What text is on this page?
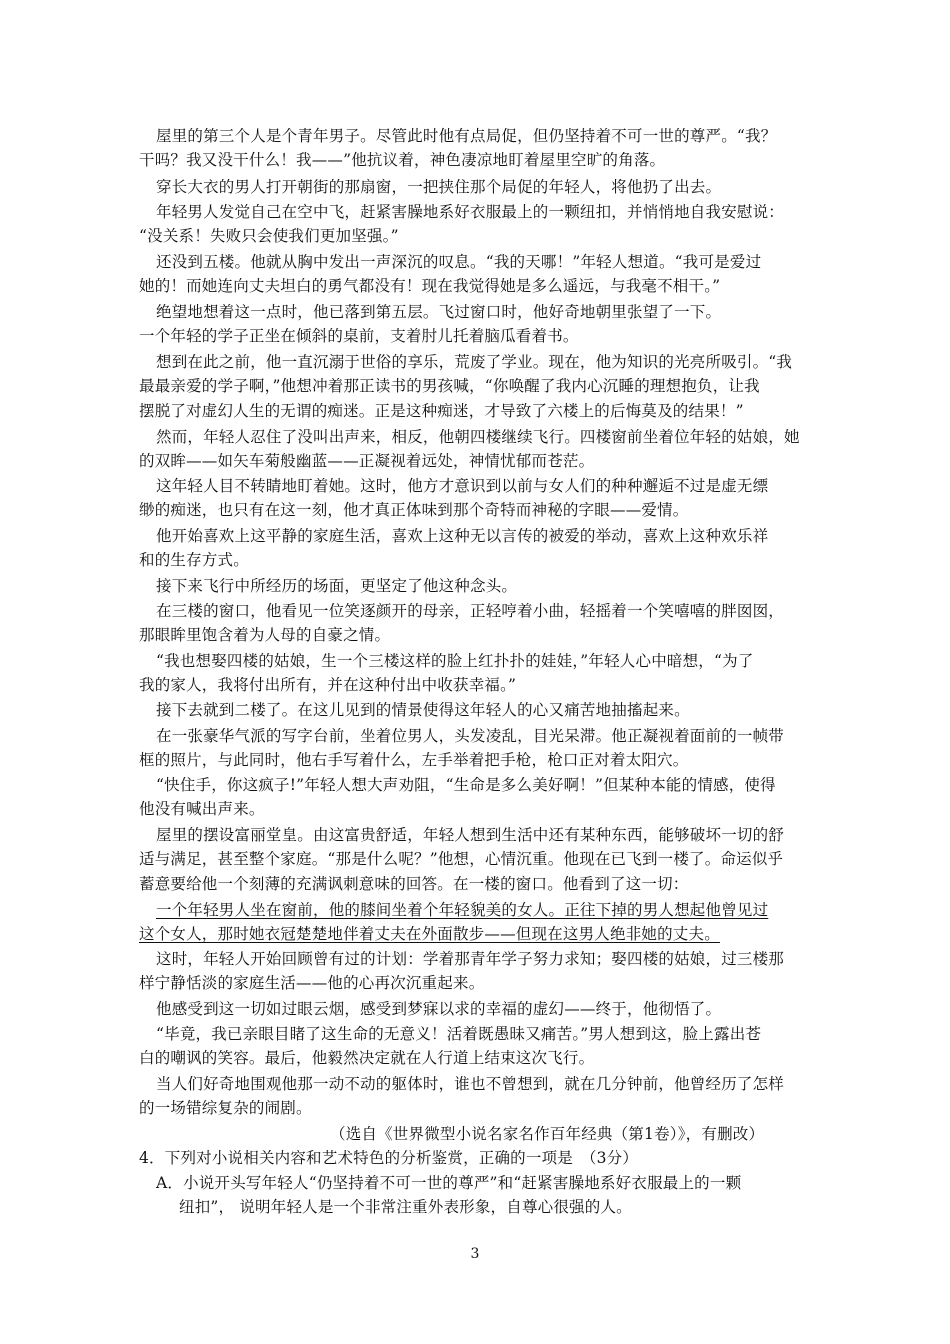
屋里的第三个人是个青年男子。尽管此时他有点局促，但仍坚持着不可一世的尊严。“我？
干吗？我又没干什么！我——”他抗议着，神色凄凉地盯着屋里空旷的角落。
穿长大衣的男人打开朝街的那扇窗，一把挟住那个局促的年轻人，将他扔了出去。
年轻男人发觉自己在空中飞，赶紧害臊地系好衣服最上的一颗纽扣，并悄悄地自我安慰说：
“没关系！失败只会使我们更加坚强。”
还没到五楼。他就从胸中发出一声深沉的叹息。“我的天哪！”年轻人想道。“我可是爱过
她的！而她连向丈夫坦白的勇气都没有！现在我觉得她是多么遥远，与我毫不相干。”
绝望地想着这一点时，他已落到第五层。飞过窗口时，他好奇地朝里张望了一下。
一个年轻的学子正坐在倾斜的桌前，支着肘儿托着脑瓜看着书。
想到在此之前，他一直沉溺于世俗的享乐，荒废了学业。现在，他为知识的光亮所吸引。“我
最最亲爱的学子啊，”他想冲着那正读书的男孩喊，“你唤醒了我内心沉睡的理想抱负，让我
摆脱了对虚幻人生的无谓的痴迷。正是这种痴迷，才导致了六楼上的后悔莫及的结果！”
然而，年轻人忍住了没叫出声来，相反，他朝四楼继续飞行。四楼窗前坐着位年轻的姑娘，她
的双眸——如矢车菊般幽蓝——正凝视着远处，神情忧郁而苍茫。
这年轻人目不转睛地盯着她。这时，他方才意识到以前与女人们的种种邂逅不过是虚无缥
缈的痴迷，也只有在这一刻，他才真正体味到那个奇特而神秘的字眼——爱情。
他开始喜欢上这平静的家庭生活，喜欢上这种无以言传的被爱的举动，喜欢上这种欢乐祥
和的生存方式。
接下来飞行中所经历的场面，更坚定了他这种念头。
在三楼的窗口，他看见一位笑逐颜开的母亲，正轻哼着小曲，轻摇着一个笑嘻嘻的胖囡囡，
那眼眸里饱含着为人母的自豪之情。
“我也想娶四楼的姑娘，生一个三楼这样的脸上红扑扑的娃娃，”年轻人心中暗想，“为了
我的家人，我将付出所有，并在这种付出中收获幸福。”
接下去就到二楼了。在这儿见到的情景使得这年轻人的心又痛苦地抽搐起来。
在一张豪华气派的写字台前，坐着位男人，头发凌乱，目光呆滞。他正凝视着面前的一帧带
框的照片，与此同时，他右手写着什么，左手举着把手枪，枪口正对着太阳穴。
“快住手，你这疯子!”年轻人想大声劝阻，“生命是多么美好啊！”但某种本能的情感，使得
他没有喊出声来。
屋里的摆设富丽堂皇。由这富贵舒适，年轻人想到生活中还有某种东西，能够破坏一切的舒
适与满足，甚至整个家庭。“那是什么呢？”他想，心情沉重。他现在已飞到一楼了。命运似乎
蓄意要给他一个刻薄的充满讽刺意味的回答。在一楼的窗口。他看到了这一切：
一个年轻男人坐在窗前，他的膝间坐着个年轻貌美的女人。正往下掉的男人想起他曾见过
这个女人，那时她衣冠楚楚地伴着丈夫在外面散步——但现在这男人绝非她的丈夫。
这时，年轻人开始回顾曾有过的计划：学着那青年学子努力求知；娶四楼的姑娘，过三楼那
样宁静恬淡的家庭生活——他的心再次沉重起来。
他感受到这一切如过眼云烟，感受到梦寐以求的幸福的虚幻——终于，他彻悟了。
“毕竟，我已亲眼目睹了这生命的无意义！活着既愚昧又痛苦。”男人想到这，脸上露出苍
白的嘲讽的笑容。最后，他毅然决定就在人行道上结束这次飞行。
当人们好奇地围观他那一动不动的躯体时，谁也不曾想到，就在几分钟前，他曾经历了怎样
的一场错综复杂的闹剧。
（选自《世界微型小说名家名作百年经典（第1卷）》，有删改）
4．下列对小说相关内容和艺术特色的分析鉴赏，正确的一项是　（3分）
A．小说开头写年轻人“仍坚持着不可一世的尊严”和“赶紧害臊地系好衣服最上的一颗
纽扣”， 说明年轻人是一个非常注重外表形象，自尊心很强的人。
3
